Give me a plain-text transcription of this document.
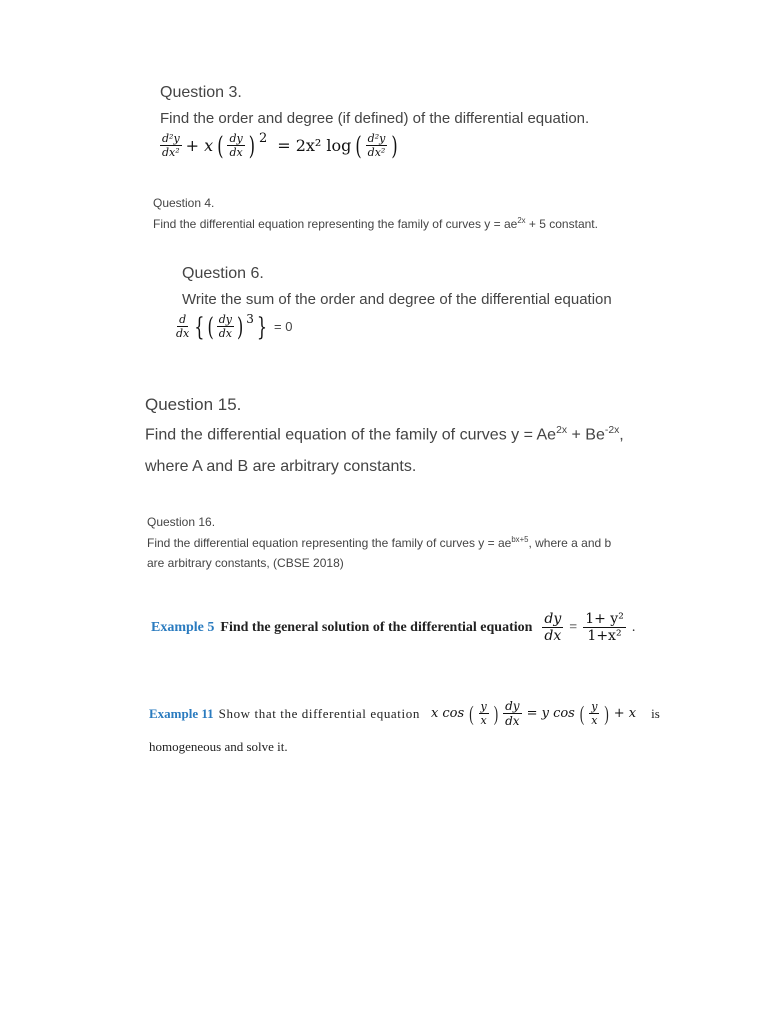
Question 3.
Find the order and degree (if defined) of the differential equation.
$\frac{\text{d²y}}{\text{dx²}} + x$ ( $\frac{dy}{dx}$ ) $^2$ = 2x² log ( $\frac{\text{d²y}}{\text{dx²}}$ )
Question 4.
Find the differential equation representing the family of curves $y = ae^{2x} + 5$ constant.
Question 6.
Write the sum of the order and degree of the differential equation
$\frac{d}{dx}$ { ( $\frac{dy}{dx}$ ) $^3$ } = 0
Question 15.
Find the differential equation of the family of curves $y = Ae^{2x} + Be^{-2x}$,
where A and B are arbitrary constants.
Question 16.
Find the differential equation representing the family of curves $y = ae^{bx+5}$, where a and b
are arbitrary constants, (CBSE 2018)
Example 5 Find the general solution of the differential equation $\frac{dy}{dx} = \frac{\text{1+ y²}}{\text{1+x²}}$ .
Example 11 Show that the differential equation x cos ( $\frac{y}{x}$ ) $\frac{dy}{dx} = y$ cos ( $\frac{y}{x}$ ) + x is
homogeneous and solve it.
